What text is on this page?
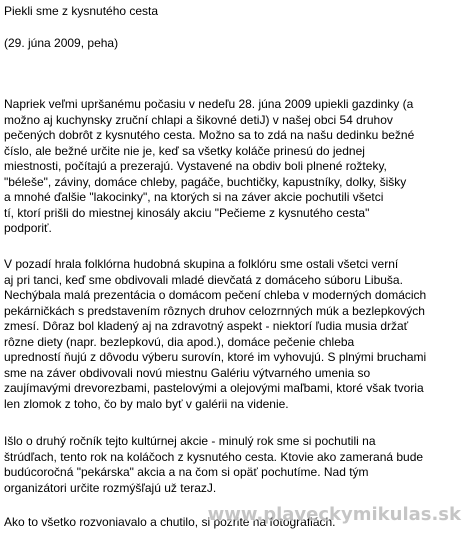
Piekli sme z kysnutého cesta
(29. júna 2009, peha)
Napriek veľmi upršanému počasiu v nedeľu 28. júna 2009 upiekli gazdinky (a
možno aj kuchynsky zruční chlapi a šikovné detiJ) v našej obci 54 druhov
pečených dobrôt z kysnutého cesta. Možno sa to zdá na našu dedinku bežné
číslo, ale bežné určite nie je, keď sa všetky koláče prinesú do jednej
miestnosti, počítajú a prezerajú. Vystavené na obdiv boli plnené rožteky,
"béleše", záviny, domáce chleby, pagáče, buchtičky, kapustníky, dolky, šišky
a mnohé ďalšie "lakocinky", na ktorých si na záver akcie pochutili všetci
tí, ktorí prišli do miestnej kinosály akciu "Pečieme z kysnutého cesta"
podporiť.
V pozadí hrala folklórna hudobná skupina a folklóru sme ostali všetci verní
aj pri tanci, keď sme obdivovali mladé dievčatá z domáceho súboru Libuša.
Nechýbala malá prezentácia o domácom pečení chleba v moderných domácich
pekárničkách s predstavením rôznych druhov celozrnných múk a bezlepkových
zmesí. Dôraz bol kladený aj na zdravotný aspekt - niektorí ľudia musia držať
rôzne diety (napr. bezlepkovú, dia apod.), domáce pečenie chleba
upredností ňujú z dôvodu výberu surovín, ktoré im vyhovujú. S plnými bruchami
sme na záver obdivovali novú miestnu Galériu výtvarného umenia so
zaujímavými drevorezbami, pastelovými a olejovými maľbami, ktoré však tvoria
len zlomok z toho, čo by malo byť v galérii na videnie.
Išlo o druhý ročník tejto kultúrnej akcie - minulý rok sme si pochutili na
štrúdľach, tento rok na koláčoch z kysnutého cesta. Ktovie ako zameraná bude
budúcoročná "pekárska" akcia a na čom si opäť pochutíme. Nad tým
organizátori určite rozmýšľajú už terazJ.
Ako to všetko rozvoniavalo a chutilo, si pozrite na fotografiách.
www.plaveckymikulas.sk
